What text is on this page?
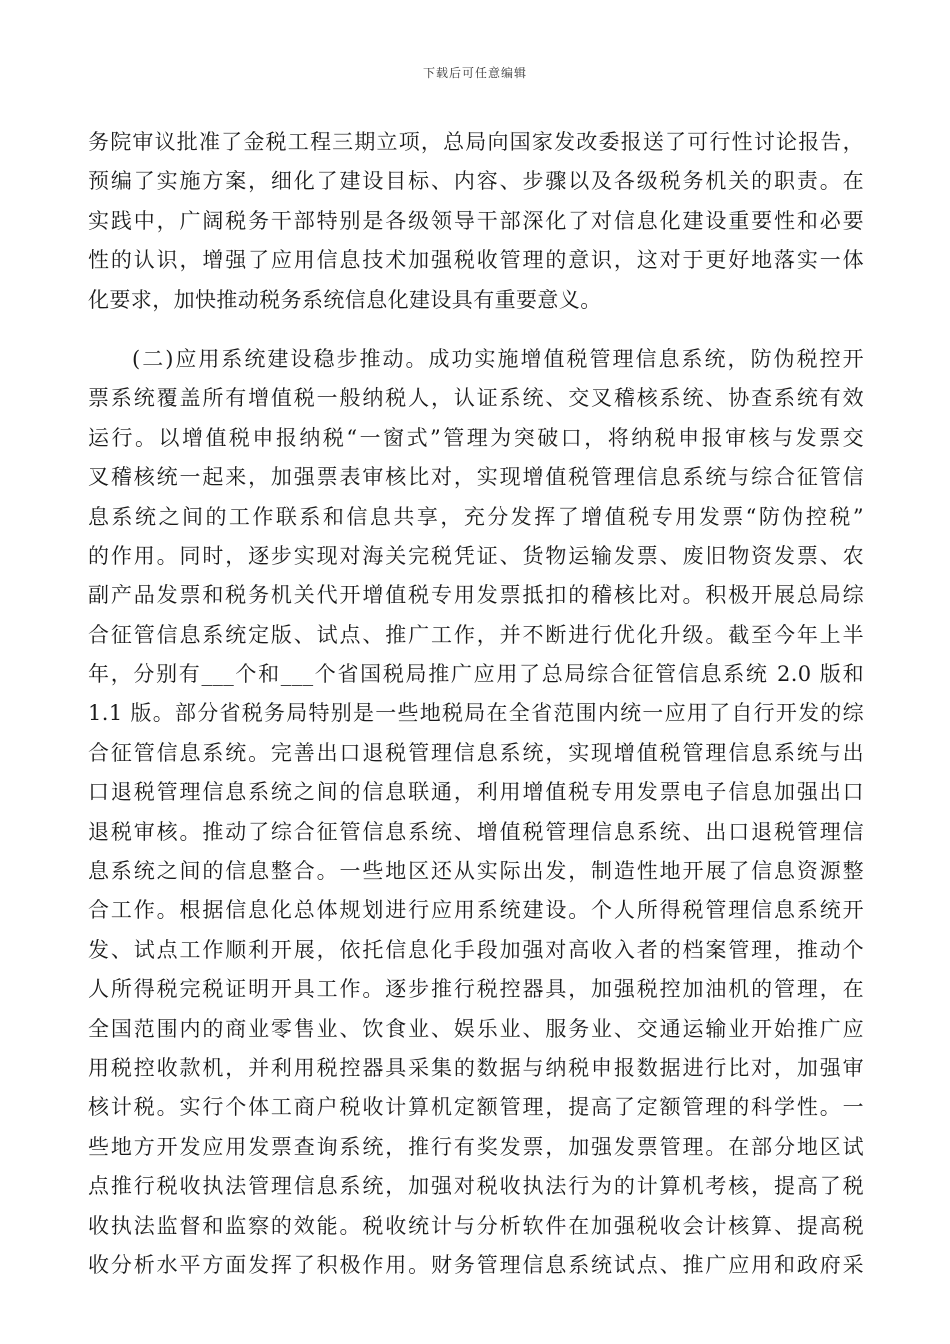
下载后可任意编辑
务院审议批准了金税工程三期立项，总局向国家发改委报送了可行性讨论报告，
预编了实施方案，细化了建设目标、内容、步骤以及各级税务机关的职责。在
实践中，广阔税务干部特别是各级领导干部深化了对信息化建设重要性和必要
性的认识，增强了应用信息技术加强税收管理的意识，这对于更好地落实一体
化要求，加快推动税务系统信息化建设具有重要意义。
(二)应用系统建设稳步推动。成功实施增值税管理信息系统，防伪税控开
票系统覆盖所有增值税一般纳税人，认证系统、交叉稽核系统、协查系统有效
运行。以增值税申报纳税“一窗式”管理为突破口，将纳税申报审核与发票交
叉稽核统一起来，加强票表审核比对，实现增值税管理信息系统与综合征管信
息系统之间的工作联系和信息共享，充分发挥了增值税专用发票“防伪控税”
的作用。同时，逐步实现对海关完税凭证、货物运输发票、废旧物资发票、农
副产品发票和税务机关代开增值税专用发票抵扣的稽核比对。积极开展总局综
合征管信息系统定版、试点、推广工作，并不断进行优化升级。截至今年上半
年，分别有___个和___个省国税局推广应用了总局综合征管信息系统 2.0 版和
1.1 版。部分省税务局特别是一些地税局在全省范围内统一应用了自行开发的综
合征管信息系统。完善出口退税管理信息系统，实现增值税管理信息系统与出
口退税管理信息系统之间的信息联通，利用增值税专用发票电子信息加强出口
退税审核。推动了综合征管信息系统、增值税管理信息系统、出口退税管理信
息系统之间的信息整合。一些地区还从实际出发，制造性地开展了信息资源整
合工作。根据信息化总体规划进行应用系统建设。个人所得税管理信息系统开
发、试点工作顺利开展，依托信息化手段加强对高收入者的档案管理，推动个
人所得税完税证明开具工作。逐步推行税控器具，加强税控加油机的管理，在
全国范围内的商业零售业、饮食业、娱乐业、服务业、交通运输业开始推广应
用税控收款机，并利用税控器具采集的数据与纳税申报数据进行比对，加强审
核计税。实行个体工商户税收计算机定额管理，提高了定额管理的科学性。一
些地方开发应用发票查询系统，推行有奖发票，加强发票管理。在部分地区试
点推行税收执法管理信息系统，加强对税收执法行为的计算机考核，提高了税
收执法监督和监察的效能。税收统计与分析软件在加强税收会计核算、提高税
收分析水平方面发挥了积极作用。财务管理信息系统试点、推广应用和政府采
